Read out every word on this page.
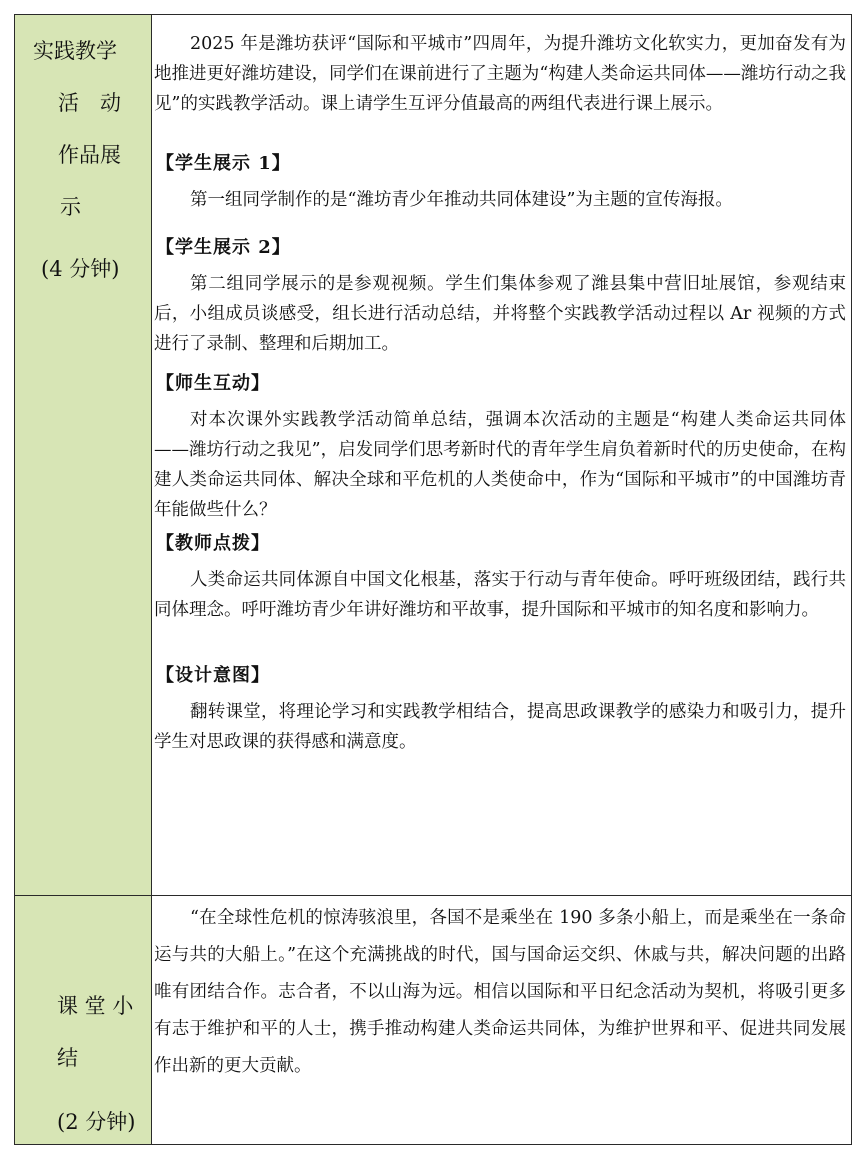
实践教学
活　动
作品展
示
(4 分钟)

2025 年是潍坊获评“国际和平城市”四周年，为提升潍坊文化软实力，更加奋发有为地推进更好潍坊建设，同学们在课前进行了主题为“构建人类命运共同体——潍坊行动之我见”的实践教学活动。课上请学生互评分值最高的两组代表进行课上展示。

【学生展示 1】

第一组同学制作的是“潍坊青少年推动共同体建设”为主题的宣传海报。

【学生展示 2】

第二组同学展示的是参观视频。学生们集体参观了潍县集中营旧址展馆，参观结束后，小组成员谈感受，组长进行活动总结，并将整个实践教学活动过程以 Ar 视频的方式进行了录制、整理和后期加工。

【师生互动】

对本次课外实践教学活动简单总结，强调本次活动的主题是“构建人类命运共同体——潍坊行动之我见”，启发同学们思考新时代的青年学生肩负着新时代的历史使命，在构建人类命运共同体、解决全球和平危机的人类使命中，作为“国际和平城市”的中国潍坊青年能做些什么？

【教师点拨】

人类命运共同体源自中国文化根基，落实于行动与青年使命。呼吁班级团结，践行共同体理念。呼吁潍坊青少年讲好潍坊和平故事，提升国际和平城市的知名度和影响力。

【设计意图】

翻转课堂，将理论学习和实践教学相结合，提高思政课教学的感染力和吸引力，提升学生对思政课的获得感和满意度。

课 堂 小
结
(2 分钟)

“在全球性危机的惊涛骇浪里，各国不是乘坐在 190 多条小船上，而是乘坐在一条命运与共的大船上。”在这个充满挑战的时代，国与国命运交织、休戚与共，解决问题的出路唯有团结合作。志合者，不以山海为远。相信以国际和平日纪念活动为契机，将吸引更多有志于维护和平的人士，携手推动构建人类命运共同体，为维护世界和平、促进共同发展作出新的更大贡献。
